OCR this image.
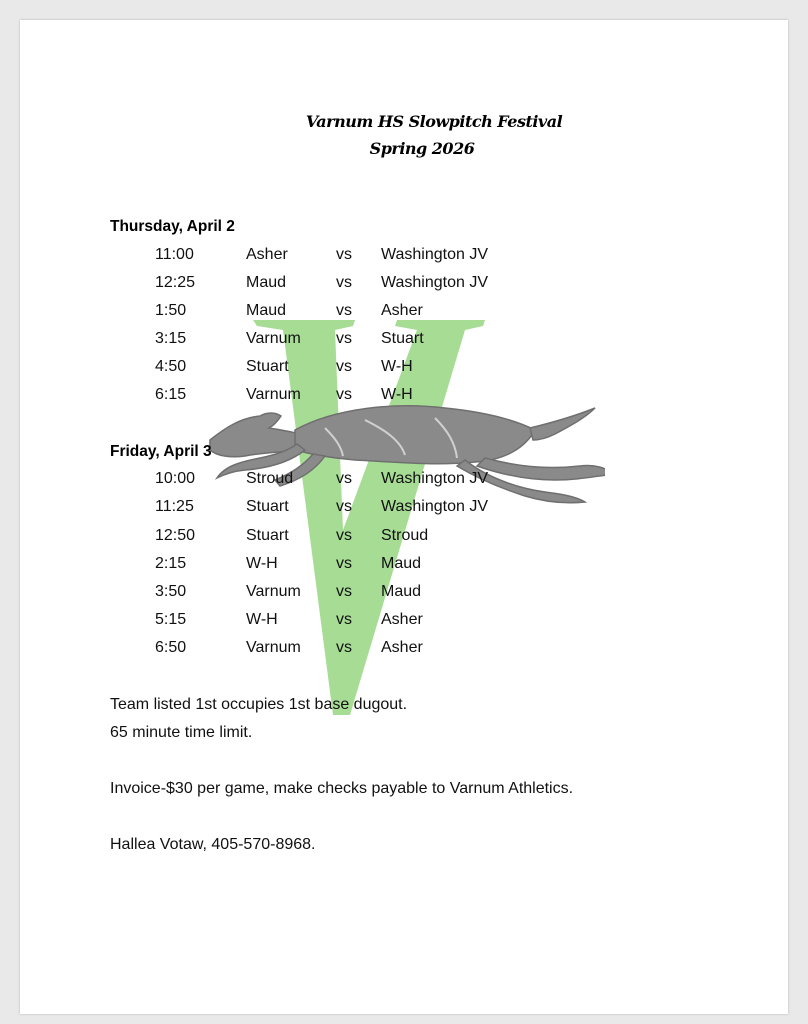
Varnum HS Slowpitch Festival
Spring 2026
Thursday, April 2
11:00	Asher	vs Washington JV
12:25	Maud	vs Washington JV
1:50	Maud	vs Asher
3:15	Varnum vs Stuart
4:50	Stuart	vs W-H
6:15	Varnum vs W-H
Friday, April 3
10:00	Stroud	vs Washington JV
11:25	Stuart	vs Washington JV
12:50	Stuart	vs Stroud
2:15	W-H	vs Maud
3:50	Varnum vs Maud
5:15	W-H	vs Asher
6:50	Varnum vs Asher
Team listed 1st occupies 1st base dugout.
65 minute time limit.
Invoice-$30 per game, make checks payable to Varnum Athletics.
Hallea Votaw, 405-570-8968.
